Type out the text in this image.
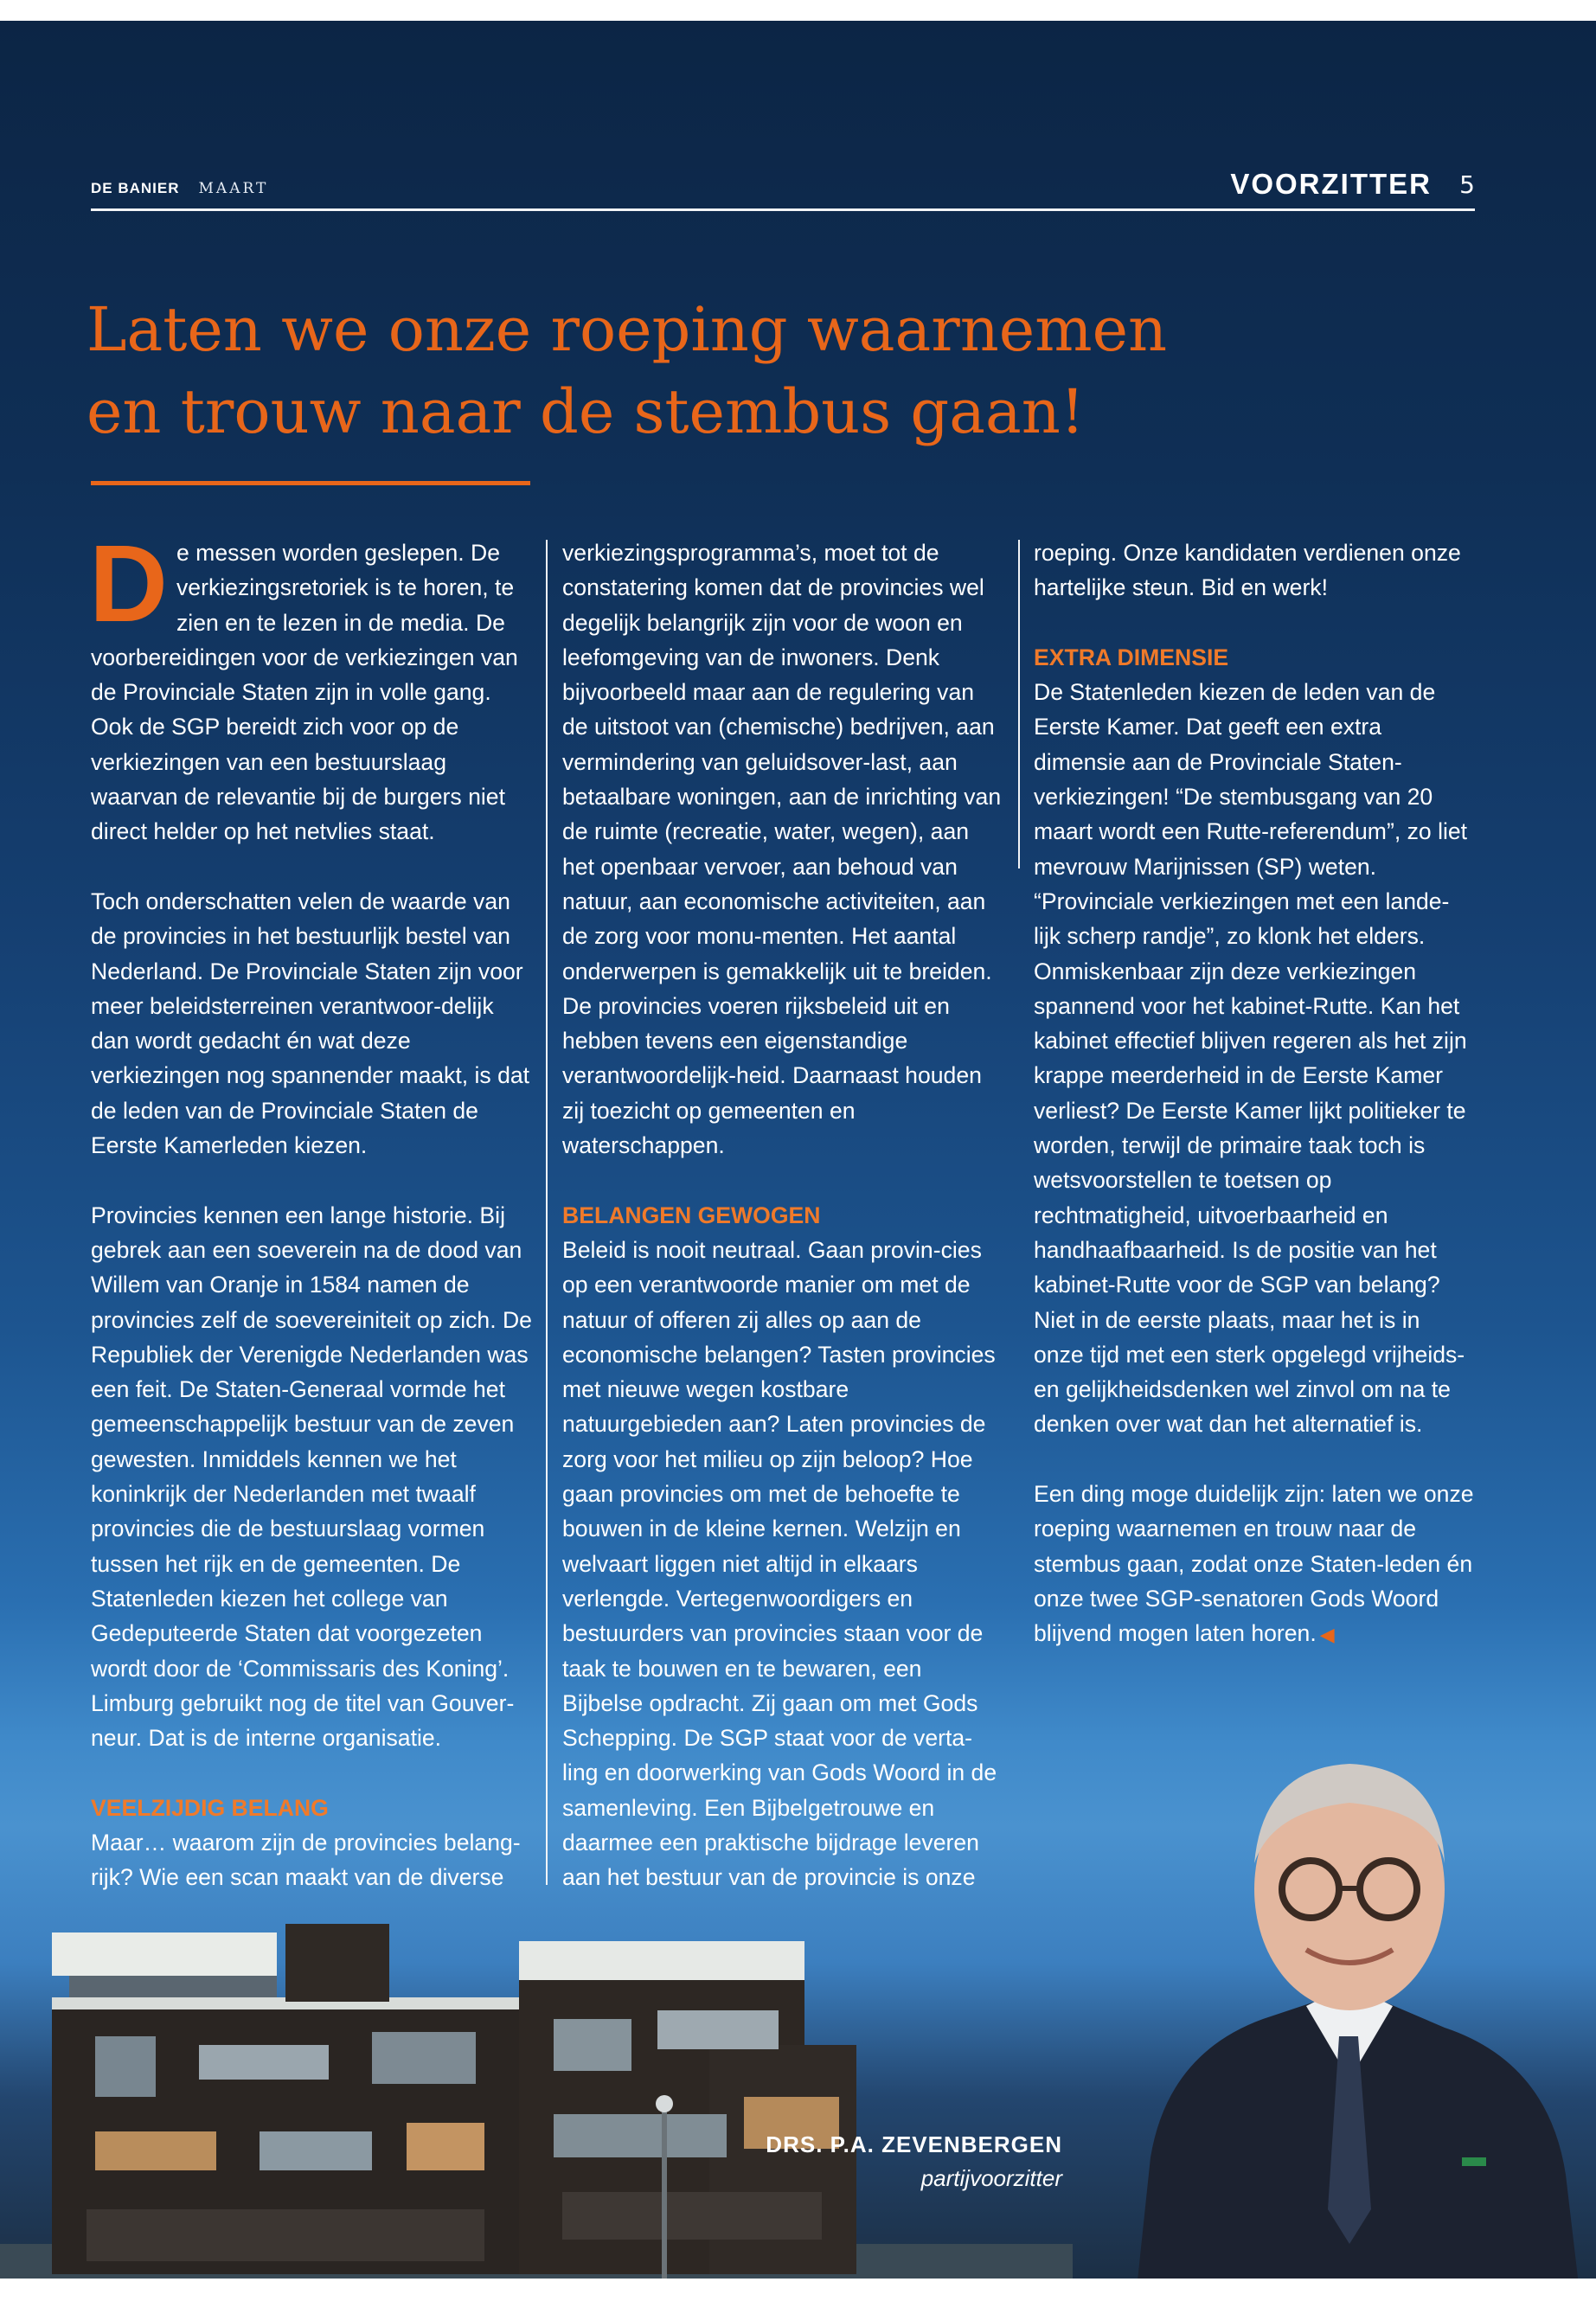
DE BANIER MAART	VOORZITTER 5
Laten we onze roeping waarnemen
en trouw naar de stembus gaan!

De messen worden geslepen. De verkiezingsretoriek is te horen, te zien en te lezen in de media. De voorbereidingen voor de verkiezingen van de Provinciale Staten zijn in volle gang. Ook de SGP bereidt zich voor op de verkiezingen van een bestuurslaag waarvan de relevantie bij de burgers niet direct helder op het netvlies staat.

Toch onderschatten velen de waarde van de provincies in het bestuurlijk bestel van Nederland. De Provinciale Staten zijn voor meer beleidsterreinen verantwoor-delijk dan wordt gedacht én wat deze verkiezingen nog spannender maakt, is dat de leden van de Provinciale Staten de Eerste Kamerleden kiezen.

Provincies kennen een lange historie. Bij gebrek aan een soeverein na de dood van Willem van Oranje in 1584 namen de provincies zelf de soevereiniteit op zich. De Republiek der Verenigde Nederlanden was een feit. De Staten-Generaal vormde het gemeenschappelijk bestuur van de zeven gewesten. Inmiddels kennen we het koninkrijk der Nederlanden met twaalf provincies die de bestuurslaag vormen tussen het rijk en de gemeenten. De Statenleden kiezen het college van Gedeputeerde Staten dat voorgezeten wordt door de ‘Commissaris des Koning’. Limburg gebruikt nog de titel van Gouver-neur. Dat is de interne organisatie.

VEELZIJDIG BELANG

Maar… waarom zijn de provincies belang-rijk? Wie een scan maakt van de diverse

verkiezingsprogramma’s, moet tot de constatering komen dat de provincies wel degelijk belangrijk zijn voor de woon en leefomgeving van de inwoners. Denk bijvoorbeeld maar aan de regulering van de uitstoot van (chemische) bedrijven, aan vermindering van geluidsover-last, aan betaalbare woningen, aan de inrichting van de ruimte (recreatie, water, wegen), aan het openbaar vervoer, aan behoud van natuur, aan economische activiteiten, aan de zorg voor monu-menten. Het aantal onderwerpen is gemakkelijk uit te breiden. De provincies voeren rijksbeleid uit en hebben tevens een eigenstandige verantwoordelijk-heid. Daarnaast houden zij toezicht op gemeenten en waterschappen.

BELANGEN GEWOGEN

Beleid is nooit neutraal. Gaan provin-cies op een verantwoorde manier om met de natuur of offeren zij alles op aan de economische belangen? Tasten provincies met nieuwe wegen kostbare natuurgebieden aan? Laten provincies de zorg voor het milieu op zijn beloop? Hoe gaan provincies om met de behoefte te bouwen in de kleine kernen. Welzijn en welvaart liggen niet altijd in elkaars verlengde. Vertegenwoordigers en bestuurders van provincies staan voor de taak te bouwen en te bewaren, een Bijbelse opdracht. Zij gaan om met Gods Schepping. De SGP staat voor de verta-ling en doorwerking van Gods Woord in de samenleving. Een Bijbelgetrouwe en daarmee een praktische bijdrage leveren aan het bestuur van de provincie is onze

roeping. Onze kandidaten verdienen onze hartelijke steun. Bid en werk!

EXTRA DIMENSIE

De Statenleden kiezen de leden van de Eerste Kamer. Dat geeft een extra dimensie aan de Provinciale Staten-verkiezingen! “De stembusgang van 20 maart wordt een Rutte-referendum”, zo liet mevrouw Marijnissen (SP) weten. “Provinciale verkiezingen met een lande-lijk scherp randje”, zo klonk het elders. Onmiskenbaar zijn deze verkiezingen spannend voor het kabinet-Rutte. Kan het kabinet effectief blijven regeren als het zijn krappe meerderheid in de Eerste Kamer verliest? De Eerste Kamer lijkt politieker te worden, terwijl de primaire taak toch is wetsvoorstellen te toetsen op rechtmatigheid, uitvoerbaarheid en handhaafbaarheid. Is de positie van het kabinet-Rutte voor de SGP van belang? Niet in de eerste plaats, maar het is in onze tijd met een sterk opgelegd vrijheids-en gelijkheidsdenken wel zinvol om na te denken over wat dan het alternatief is.

Een ding moge duidelijk zijn: laten we onze roeping waarnemen en trouw naar de stembus gaan, zodat onze Staten-leden én onze twee SGP-senatoren Gods Woord blijvend mogen laten horen. ◀

DRS. P.A. ZEVENBERGEN
partijvoorzitter
